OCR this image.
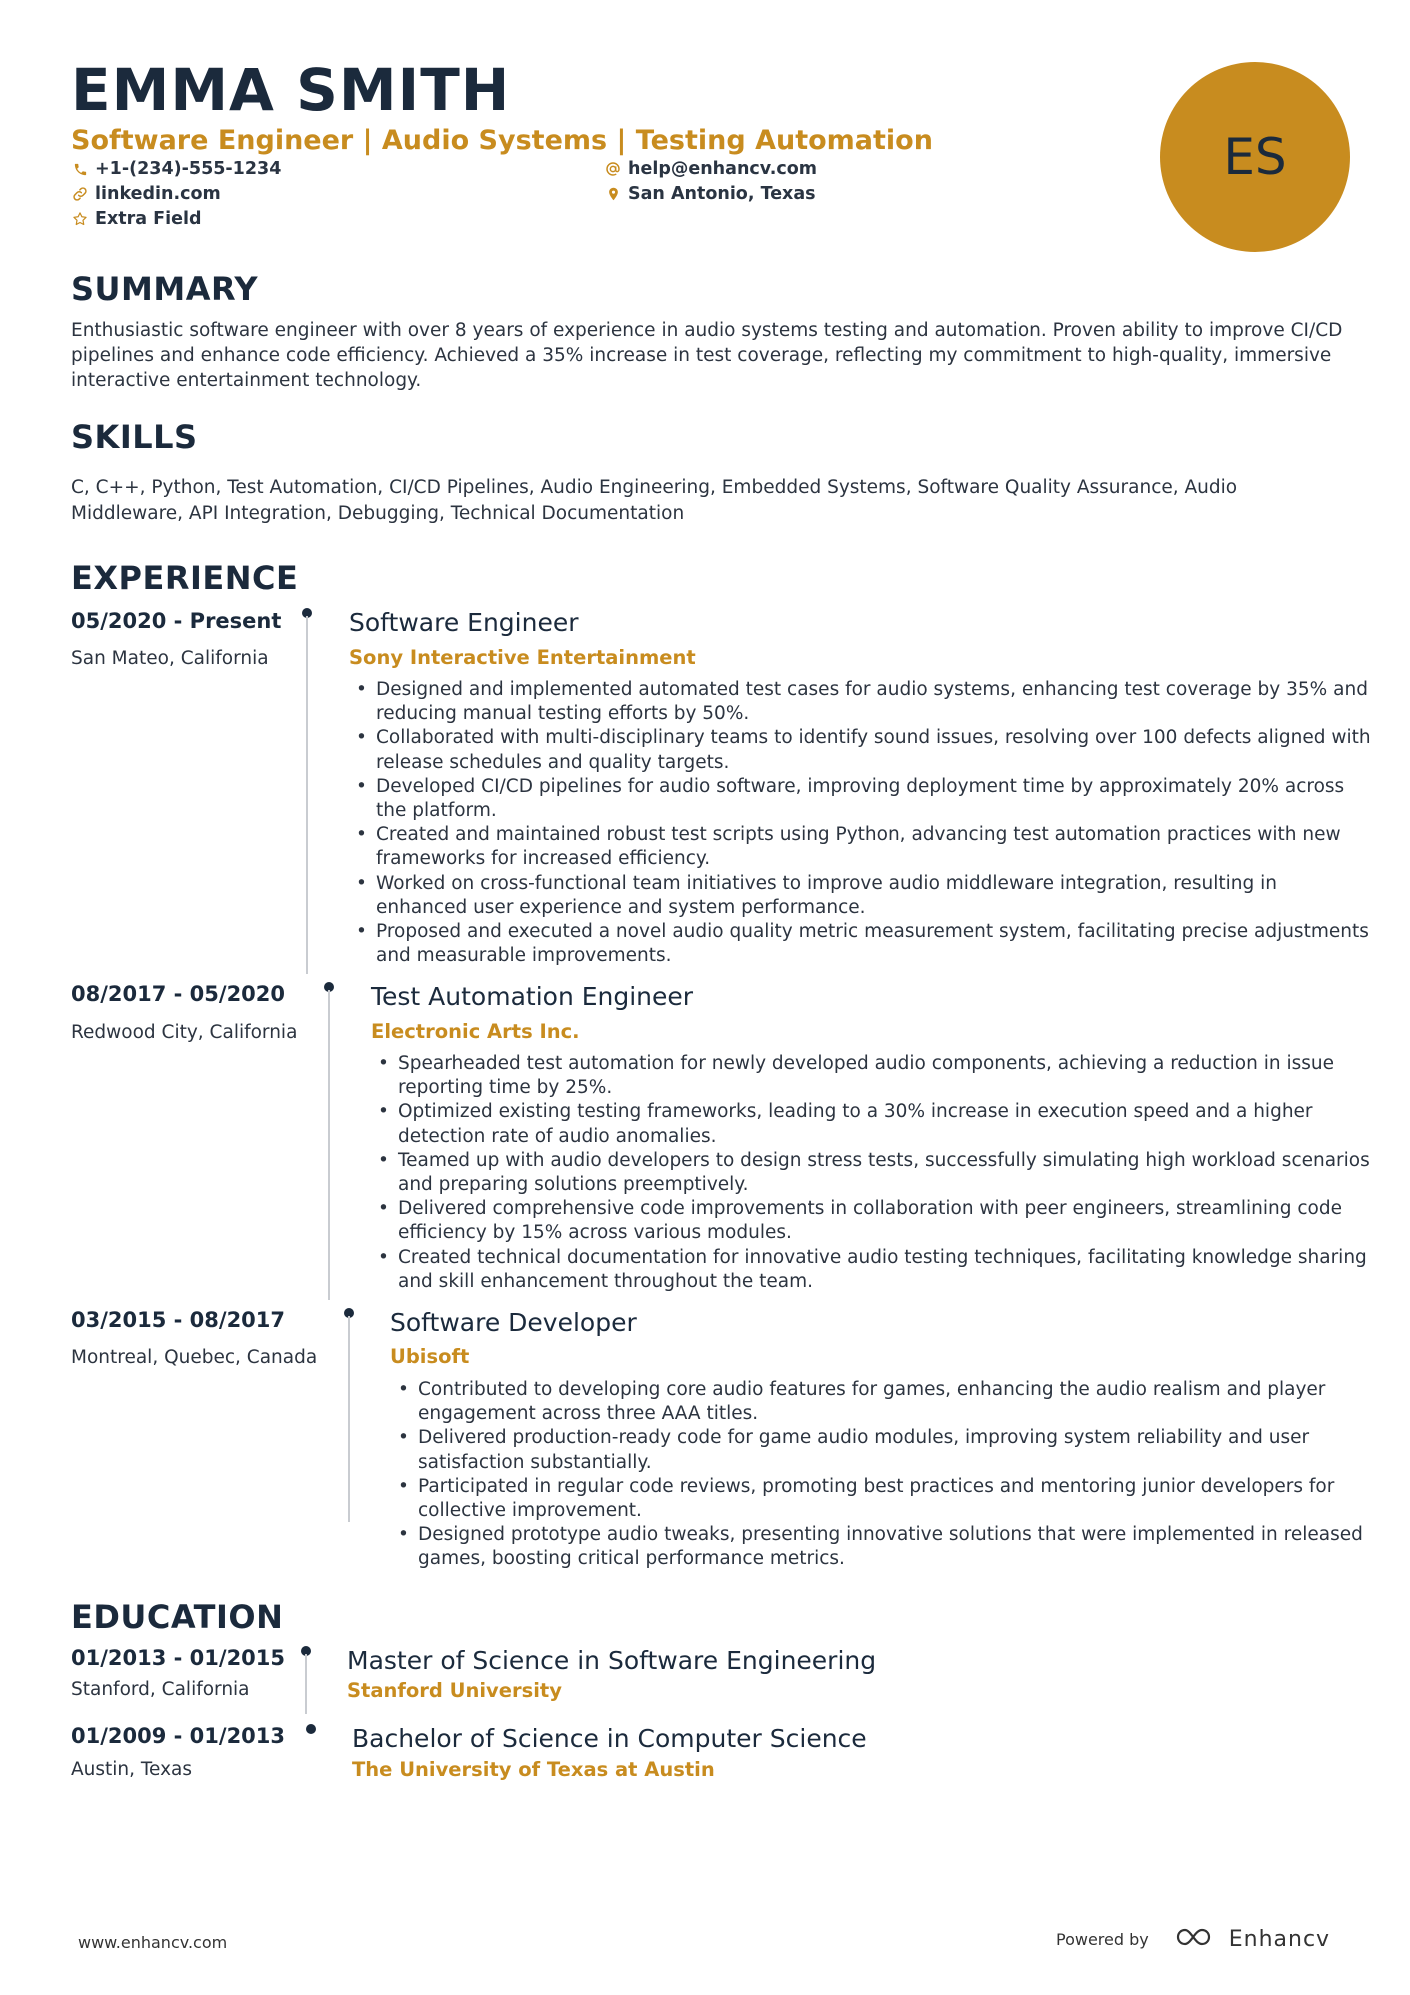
EMMA SMITH
Software Engineer | Audio Systems | Testing Automation
+1-(234)-555-1234	help@enhancv.com
linkedin.com	San Antonio, Texas
Extra Field
ES
SUMMARY
Enthusiastic software engineer with over 8 years of experience in audio systems testing and automation. Proven ability to improve CI/CD pipelines and enhance code efficiency. Achieved a 35% increase in test coverage, reflecting my commitment to high-quality, immersive interactive entertainment technology.
SKILLS
C, C++, Python, Test Automation, CI/CD Pipelines, Audio Engineering, Embedded Systems, Software Quality Assurance, Audio Middleware, API Integration, Debugging, Technical Documentation
EXPERIENCE
05/2020 - Present
San Mateo, California
Software Engineer
Sony Interactive Entertainment
• Designed and implemented automated test cases for audio systems, enhancing test coverage by 35% and reducing manual testing efforts by 50%.
• Collaborated with multi-disciplinary teams to identify sound issues, resolving over 100 defects aligned with release schedules and quality targets.
• Developed CI/CD pipelines for audio software, improving deployment time by approximately 20% across the platform.
• Created and maintained robust test scripts using Python, advancing test automation practices with new frameworks for increased efficiency.
• Worked on cross-functional team initiatives to improve audio middleware integration, resulting in enhanced user experience and system performance.
• Proposed and executed a novel audio quality metric measurement system, facilitating precise adjustments and measurable improvements.
08/2017 - 05/2020
Redwood City, California
Test Automation Engineer
Electronic Arts Inc.
• Spearheaded test automation for newly developed audio components, achieving a reduction in issue reporting time by 25%.
• Optimized existing testing frameworks, leading to a 30% increase in execution speed and a higher detection rate of audio anomalies.
• Teamed up with audio developers to design stress tests, successfully simulating high workload scenarios and preparing solutions preemptively.
• Delivered comprehensive code improvements in collaboration with peer engineers, streamlining code efficiency by 15% across various modules.
• Created technical documentation for innovative audio testing techniques, facilitating knowledge sharing and skill enhancement throughout the team.
03/2015 - 08/2017
Montreal, Quebec, Canada
Software Developer
Ubisoft
• Contributed to developing core audio features for games, enhancing the audio realism and player engagement across three AAA titles.
• Delivered production-ready code for game audio modules, improving system reliability and user satisfaction substantially.
• Participated in regular code reviews, promoting best practices and mentoring junior developers for collective improvement.
• Designed prototype audio tweaks, presenting innovative solutions that were implemented in released games, boosting critical performance metrics.
EDUCATION
01/2013 - 01/2015
Stanford, California
Master of Science in Software Engineering
Stanford University
01/2009 - 01/2013
Austin, Texas
Bachelor of Science in Computer Science
The University of Texas at Austin
www.enhancv.com	Powered by	Enhancv
